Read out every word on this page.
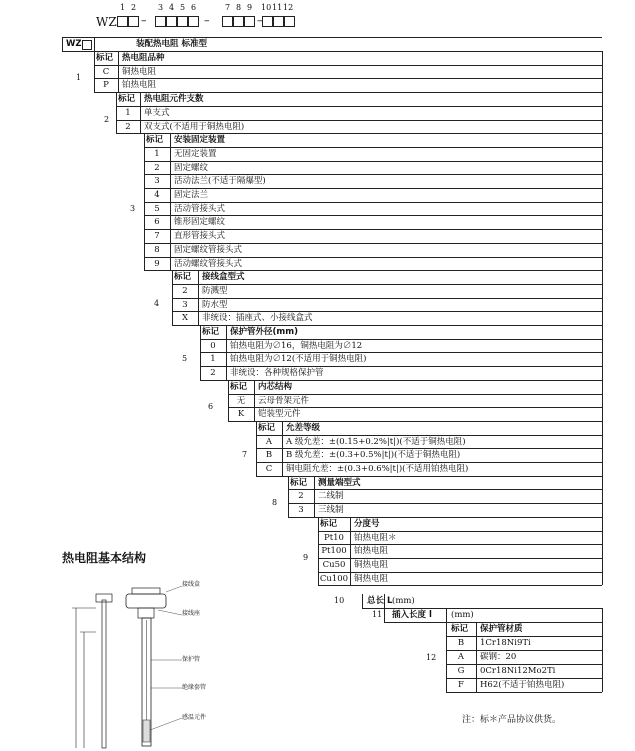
1 2	3 4 5 6	7 8 9 10 11 12
WZ –	–	–
WZ	装配热电阻 标准型
标记 热电阻品种
C	铜热电阻
P	铂热电阻
1
标记 热电阻元件支数
1	单支式
2	双支式(不适用于铜热电阻)
2
标记 安装固定装置
1	无固定装置
2	固定螺纹
3	活动法兰(不适于隔爆型)
4	固定法兰
5	活动管接头式
6	锥形固定螺纹
7	直形管接头式
8	固定螺纹管接头式
9	活动螺纹管接头式
3
标记 接线盒型式
2	防溅型
3	防水型
X	非统设：插座式、小接线盒式
4
标记 保护管外径(mm)
0	铂热电阻为∅16，铜热电阻为∅12
1	铂热电阻为∅12(不适用于铜热电阻)
2	非统设：各种规格保护管
5
标记 内芯结构
无	云母骨架元件
K	铠装型元件
6
标记 允差等级
A	A 级允差：±(0.15+0.2%|t|)(不适于铜热电阻)
B	B 级允差：±(0.3+0.5%|t|)(不适于铜热电阻)
C	铜电阻允差：±(0.3+0.6%|t|)(不适用铂热电阻)
7
标记 测量端型式
2	二线制
3	三线制
8
标记 分度号
Pt10	铂热电阻＊
Pt100 铂热电阻
Cu50	铜热电阻
Cu100 铜热电阻
9
10	总长 L (mm)
11 插入长度 l (mm)
12
标记 保护管材质
B	1Cr18Ni9Ti
A	碳钢：20
G	0Cr18Ni12Mo2Ti
F	H62(不适于铂热电阻)
热电阻基本结构
接线盒
接线座
保护管
绝缘套管
感温元件	注：标＊产品协议供货。
